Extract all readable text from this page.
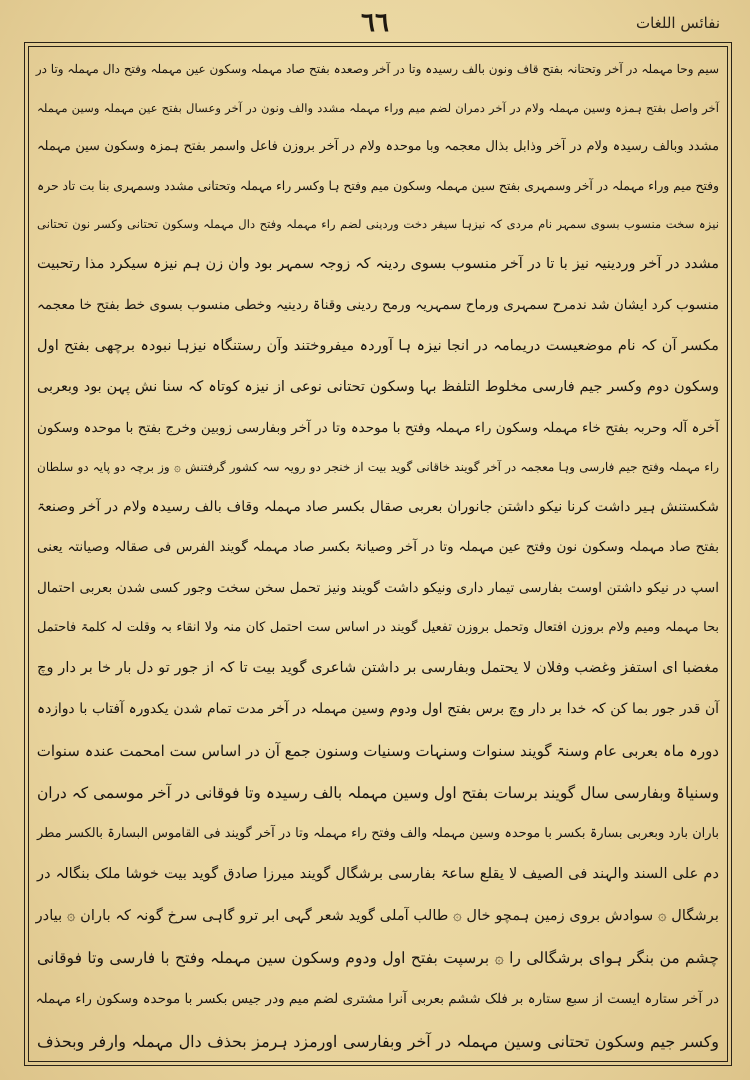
نفائس اللغات
٦٦
سیم وحا مہملہ در آخر وتحتانہ بفتح قاف ونون بالف رسیدہ وتا در آخر وصعدہ بفتح صاد مہملہ وسکون عین مہملہ وفتح دال مہملہ وتا در
آخر واصل بفتح ہمزہ وسین مہملہ ولام در آخر دمران لضم میم وراء مہملہ مشدد والف ونون در آخر وعسال بفتح عین مہملہ وسین مہملہ
مشدد وبالف رسیدہ ولام در آخر وذابل بذال معجمہ وبا موحدہ ولام در آخر بروزن فاعل واسمر بفتح ہمزہ وسکون سین مہملہ
وفتح میم وراء مہملہ در آخر وسمہری بفتح سین مہملہ وسکون میم وفتح ہا وکسر راء مہملہ وتحتانی مشدد وسمہری بنا بت تاد حرہ
نیزہ سخت منسوب بسوی سمہر نام مردی کہ نیزہا سیفر دخت وردینی لضم راء مہملہ وفتح دال مہملہ وسکون تحتانی وکسر نون تحتانی
مشدد در آخر وردینیہ نیز با تا در آخر منسوب بسوی ردینہ کہ زوجہ سمہر بود وان زن ہم نیزہ سیکرد مذا رتحبیت
منسوب کرد ایشان شد ندمرح سمہری ورماح سمہریہ ورمح ردینی وقناۃ ردینیہ وخطی منسوب بسوی خط بفتح خا معجمہ
مکسر آن کہ نام موضعیست دریمامہ در انجا نیزہ ہا آوردہ میفروختند وآن رستنگاہ نیزہا نبودہ برچھی بفتح اول
وسکون دوم وکسر جیم فارسی مخلوط التلفظ بہا وسکون تحتانی نوعی از نیزہ کوتاہ کہ سنا نش پہن بود وبعربی
آخرہ آلہ وحربہ بفتح خاء مہملہ وسکون راء مہملہ وفتح با موحدہ وتا در آخر وبفارسی زوبین وخرج بفتح با موحدہ وسکون
راء مہملہ وفتح جیم فارسی وہا معجمہ در آخر گویند خاقانی گوید بیت از خنجر دو رویہ سہ کشور گرفتنش ۞ وز برچہ دو پایہ دو سلطان
شکستنش ہیر داشت کرنا نیکو داشتن جانوران بعربی صقال بکسر صاد مہملہ وقاف بالف رسیدہ ولام در آخر وصنعۃ
بفتح صاد مہملہ وسکون نون وفتح عین مہملہ وتا در آخر وصیانۃ بکسر صاد مہملہ گویند الفرس فی صقالہ وصیانتہ یعنی
اسپ در نیکو داشتن اوست بفارسی تیمار داری ونیکو داشت گویند ونیز تحمل سخن سخت وجور کسی شدن بعربی احتمال
بحا مہملہ ومیم ولام بروزن افتعال وتحمل بروزن تفعیل گویند در اساس ست احتمل کان منہ ولا انقاء بہ وقلت لہ کلمۃ فاحتمل
مغضبا ای استفز وغضب وفلان لا یحتمل وبفارسی بر داشتن شاعری گوید بیت تا کہ از جور تو دل بار خا بر دار وچ
آن قدر جور بما کن کہ خدا بر دار وچ برس بفتح اول ودوم وسین مہملہ در آخر مدت تمام شدن یکدورہ آفتاب با دوازدہ
دورہ ماہ بعربی عام وسنۃ گویند سنوات وسنہات وسنیات وسنون جمع آن در اساس ست امحمت عندہ سنوات
وسنیاۃ وبفارسی سال گویند برسات بفتح اول وسین مہملہ بالف رسیدہ وتا فوقانی در آخر موسمی کہ دران
باران بارد وبعربی بسارۃ بکسر با موحدہ وسین مہملہ والف وفتح راء مہملہ وتا در آخر گویند فی القاموس البسارۃ بالکسر مطر
دم علی السند والہند فی الصیف لا یقلع ساعۃ بفارسی برشگال گویند میرزا صادق گوید بیت خوشا ملک بنگالہ در
برشگال ۞ سوادش بروی زمین ہمچو خال ۞ طالب آملی گوید شعر گہی ابر ترو گاہی سرخ گونہ کہ باران ۞ بیادر
چشم من بنگر ہوای برشگالی را ۞ برسپت بفتح اول ودوم وسکون سین مہملہ وفتح با فارسی وتا فوقانی
در آخر ستارہ ایست از سبع ستارہ بر فلک ششم بعربی آنرا مشتری لضم میم ودر جیس بکسر با موحدہ وسکون راء مہملہ
وکسر جیم وسکون تحتانی وسین مہملہ در آخر وبفارسی اورمزد ہرمز بحذف دال مہملہ وارفر وبحذف
